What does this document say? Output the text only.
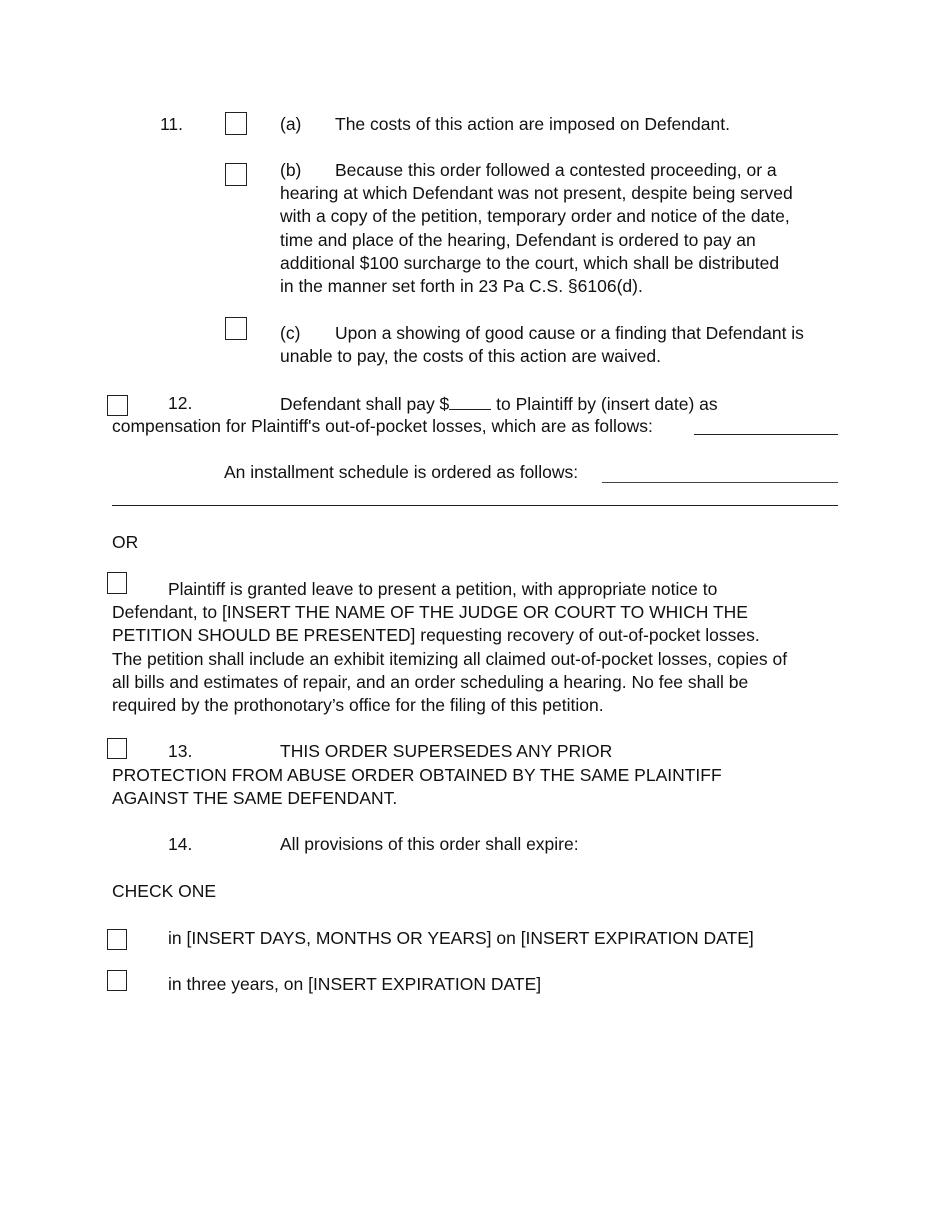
11.	(a) The costs of this action are imposed on Defendant.
(b) Because this order followed a contested proceeding, or a
hearing at which Defendant was not present, despite being served
with a copy of the petition, temporary order and notice of the date,
time and place of the hearing, Defendant is ordered to pay an
additional $100 surcharge to the court, which shall be distributed
in the manner set forth in 23 Pa C.S. §6106(d).
(c) Upon a showing of good cause or a finding that Defendant is
unable to pay, the costs of this action are waived.
12.	Defendant shall pay $	to Plaintiff by (insert date) as
compensation for Plaintiff's out-of-pocket losses, which are as follows:
An installment schedule is ordered as follows:
OR
Plaintiff is granted leave to present a petition, with appropriate notice to
Defendant, to [INSERT THE NAME OF THE JUDGE OR COURT TO WHICH THE
PETITION SHOULD BE PRESENTED] requesting recovery of out-of-pocket losses.
The petition shall include an exhibit itemizing all claimed out-of-pocket losses, copies of
all bills and estimates of repair, and an order scheduling a hearing. No fee shall be
required by the prothonotary’s office for the filing of this petition.
13.	THIS ORDER SUPERSEDES ANY PRIOR
PROTECTION FROM ABUSE ORDER OBTAINED BY THE SAME PLAINTIFF
AGAINST THE SAME DEFENDANT.
14.	All provisions of this order shall expire:
CHECK ONE
in [INSERT DAYS, MONTHS OR YEARS] on [INSERT EXPIRATION DATE]
in three years, on [INSERT EXPIRATION DATE]
